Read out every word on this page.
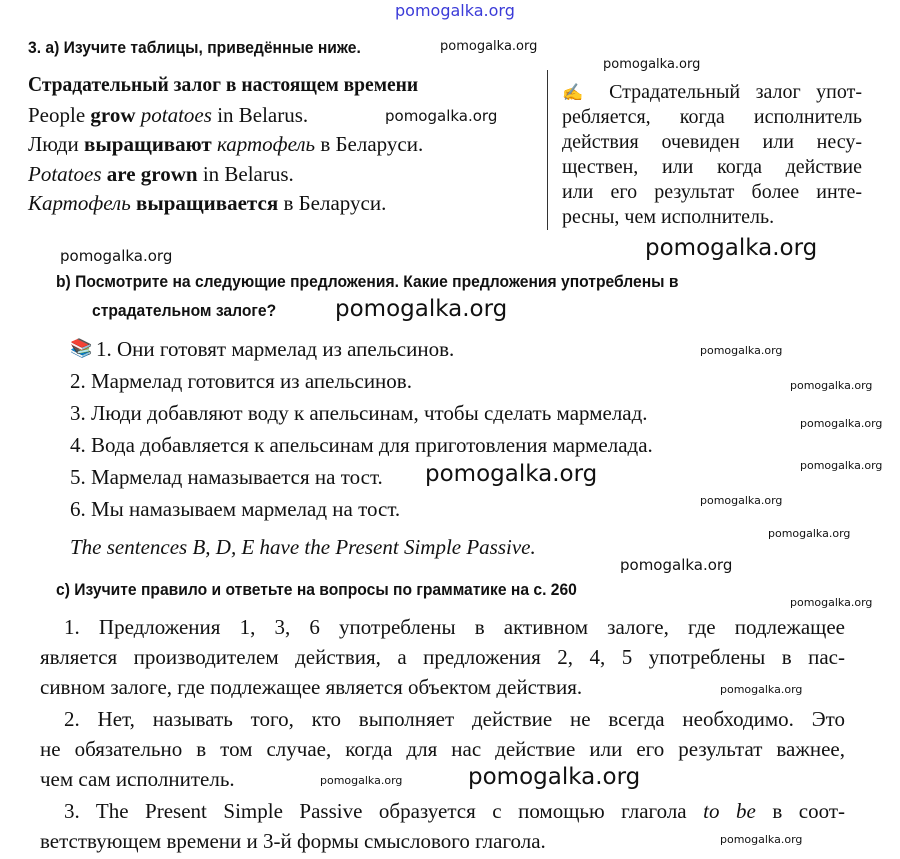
pomogalka.org
pomogalka.org
pomogalka.org
pomogalka.org
pomogalka.org
pomogalka.org
pomogalka.org
pomogalka.org
pomogalka.org
pomogalka.org
pomogalka.org
pomogalka.org
pomogalka.org
pomogalka.org
pomogalka.org
pomogalka.org
pomogalka.org
pomogalka.org
pomogalka.org
pomogalka.org
3. a) Изучите таблицы, приведённые ниже.
Страдательный залог в настоящем времени
People grow potatoes in Belarus.
Люди выращивают картофель в Беларуси.
Potatoes are grown in Belarus.
Картофель выращивается в Беларуси.
✍ Страдательный залог упот-
ребляется, когда исполнитель
действия очевиден или несу-
ществен, или когда действие
или его результат более инте-
ресны, чем исполнитель.
b) Посмотрите на следующие предложения. Какие предложения употреблены в
страдательном залоге?
📚 1. Они готовят мармелад из апельсинов.
2. Мармелад готовится из апельсинов.
3. Люди добавляют воду к апельсинам, чтобы сделать мармелад.
4. Вода добавляется к апельсинам для приготовления мармелада.
5. Мармелад намазывается на тост.
6. Мы намазываем мармелад на тост.
The sentences B, D, E have the Present Simple Passive.
c) Изучите правило и ответьте на вопросы по грамматике на с. 260
1. Предложения 1, 3, 6 употреблены в активном залоге, где подлежащее
является производителем действия, а предложения 2, 4, 5 употреблены в пас-
сивном залоге, где подлежащее является объектом действия.
2. Нет, называть того, кто выполняет действие не всегда необходимо. Это
не обязательно в том случае, когда для нас действие или его результат важнее,
чем сам исполнитель.
3. The Present Simple Passive образуется с помощью глагола to be в соот-
ветствующем времени и 3-й формы смыслового глагола.
